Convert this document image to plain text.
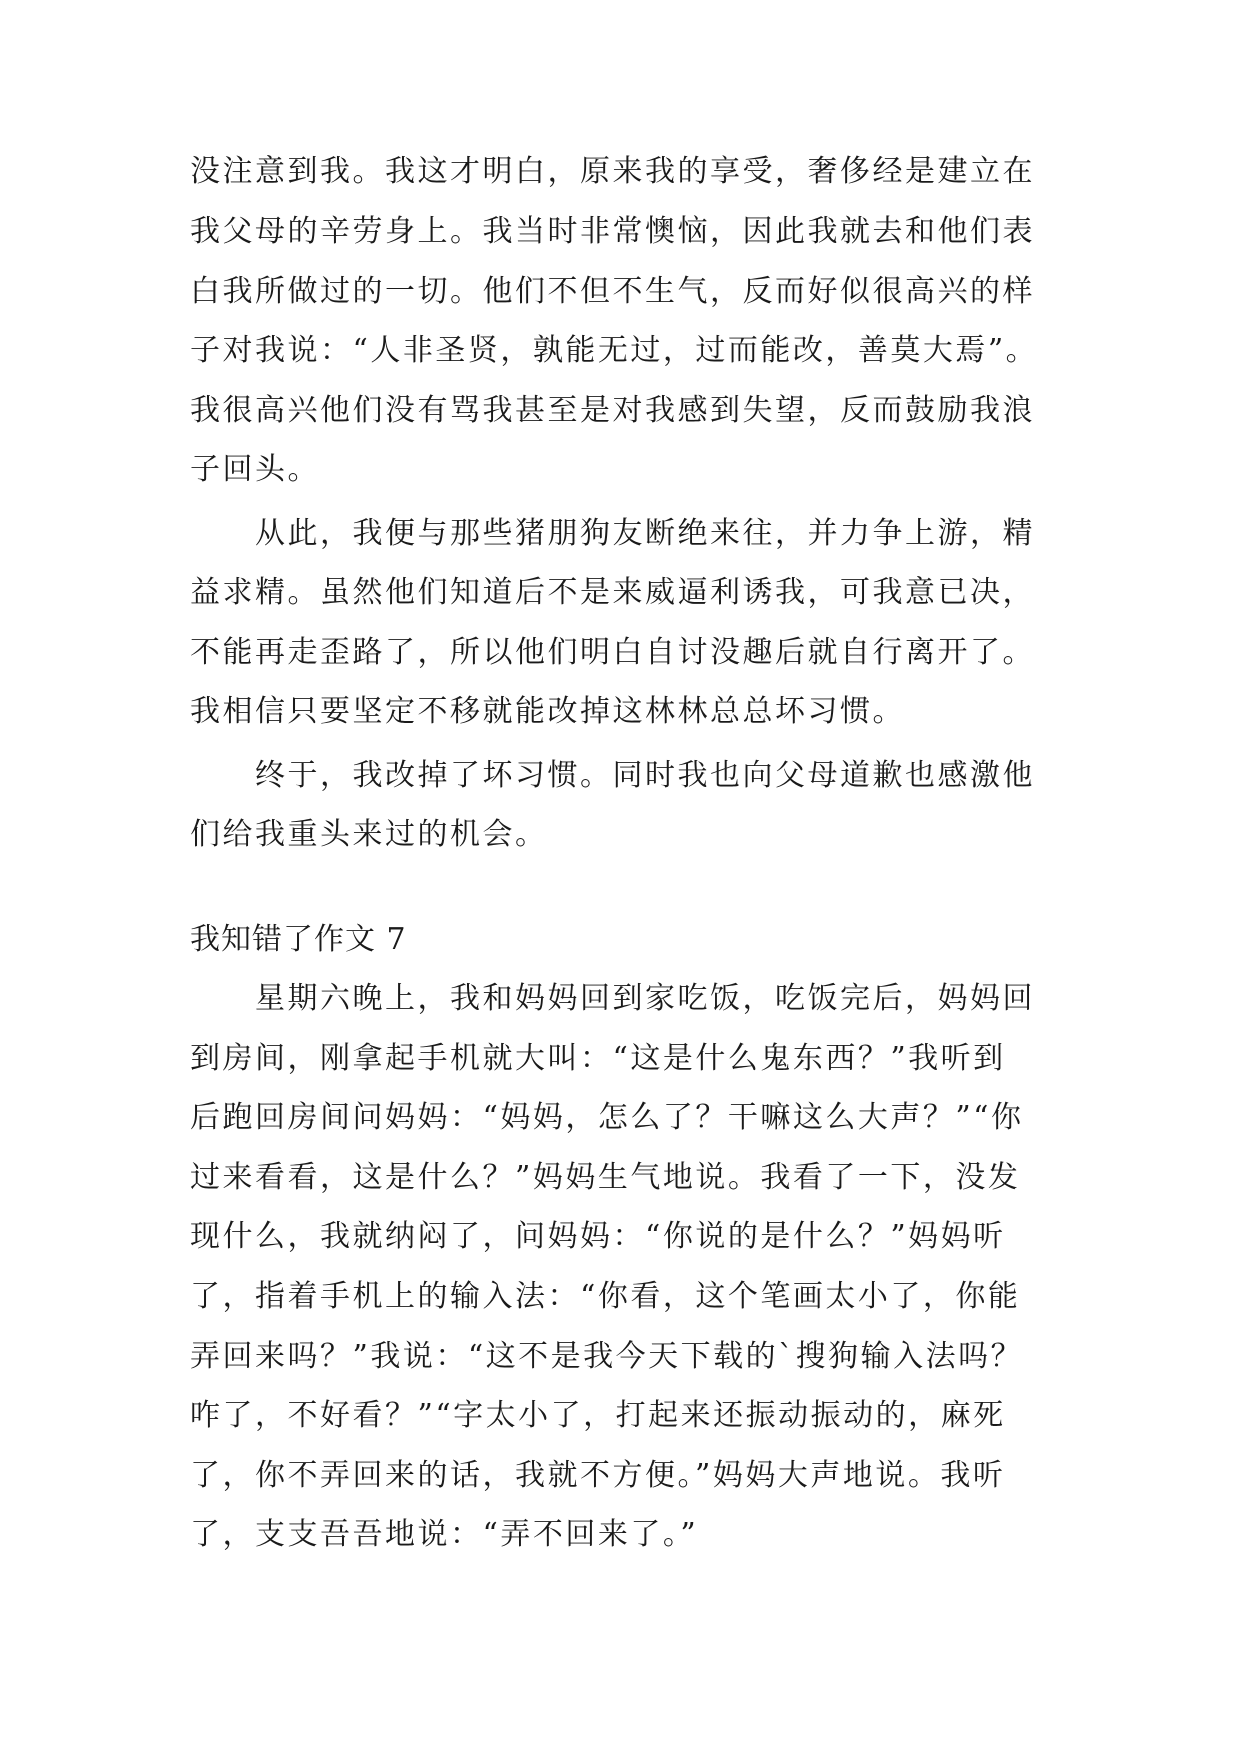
没注意到我。我这才明白，原来我的享受，奢侈经是建立在
我父母的辛劳身上。我当时非常懊恼，因此我就去和他们表
白我所做过的一切。他们不但不生气，反而好似很高兴的样
子对我说：“人非圣贤，孰能无过，过而能改，善莫大焉”。
我很高兴他们没有骂我甚至是对我感到失望，反而鼓励我浪
子回头。
从此，我便与那些猪朋狗友断绝来往，并力争上游，精
益求精。虽然他们知道后不是来威逼利诱我，可我意已决，
不能再走歪路了，所以他们明白自讨没趣后就自行离开了。
我相信只要坚定不移就能改掉这林林总总坏习惯。
终于，我改掉了坏习惯。同时我也向父母道歉也感激他
们给我重头来过的机会。
我知错了作文 7
星期六晚上，我和妈妈回到家吃饭，吃饭完后，妈妈回
到房间，刚拿起手机就大叫：“这是什么鬼东西？”我听到
后跑回房间问妈妈：“妈妈，怎么了？干嘛这么大声？”“你
过来看看，这是什么？”妈妈生气地说。我看了一下，没发
现什么，我就纳闷了，问妈妈：“你说的是什么？”妈妈听
了，指着手机上的输入法：“你看，这个笔画太小了，你能
弄回来吗？”我说：“这不是我今天下载的`搜狗输入法吗？
咋了，不好看？”“字太小了，打起来还振动振动的，麻死
了，你不弄回来的话，我就不方便。”妈妈大声地说。我听
了，支支吾吾地说：“弄不回来了。”
